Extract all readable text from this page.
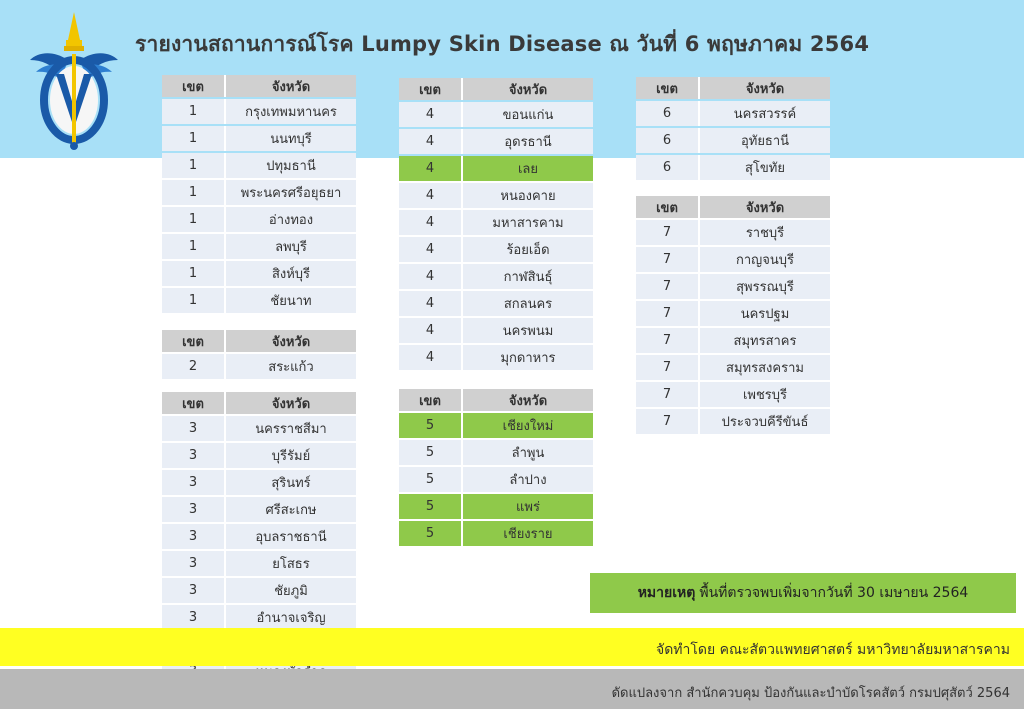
รายงานสถานการณ์โรค Lumpy Skin Disease ณ วันที่ 6 พฤษภาคม 2564
เขต	จังหวัด
1	กรุงเทพมหานคร
1	นนทบุรี
1	ปทุมธานี
1	พระนครศรีอยุธยา
1	อ่างทอง
1	ลพบุรี
1	สิงห์บุรี
1	ชัยนาท
เขต	จังหวัด
2	สระแก้ว
เขต	จังหวัด
3	นครราชสีมา
3	บุรีรัมย์
3	สุรินทร์
3	ศรีสะเกษ
3	อุบลราชธานี
3	ยโสธร
3	ชัยภูมิ
3	อำนาจเจริญ

เขต	จังหวัด
4	ขอนแก่น
4	อุดรธานี
4	เลย
4	หนองคาย
4	มหาสารคาม
4	ร้อยเอ็ด
4	กาฬสินธุ์
4	สกลนคร
4	นครพนม
4	มุกดาหาร
เขต	จังหวัด
5	เชียงใหม่
5	ลำพูน
5	ลำปาง
5	แพร่
5	เชียงราย
เขต	จังหวัด
6	นครสวรรค์
6	อุทัยธานี
6	สุโขทัย
เขต	จังหวัด
7	ราชบุรี
7	กาญจนบุรี
7	สุพรรณบุรี
7	นครปฐม
7	สมุทรสาคร
7	สมุทรสงคราม
7	เพชรบุรี
7	ประจวบคีรีขันธ์
หมายเหตุ พื้นที่ตรวจพบเพิ่มจากวันที่ 30 เมษายน 2564
จัดทำโดย คณะสัตวแพทยศาสตร์ มหาวิทยาลัยมหาสารคาม
ดัดแปลงจาก สำนักควบคุม ป้องกันและบำบัดโรคสัตว์ กรมปศุสัตว์ 2564
